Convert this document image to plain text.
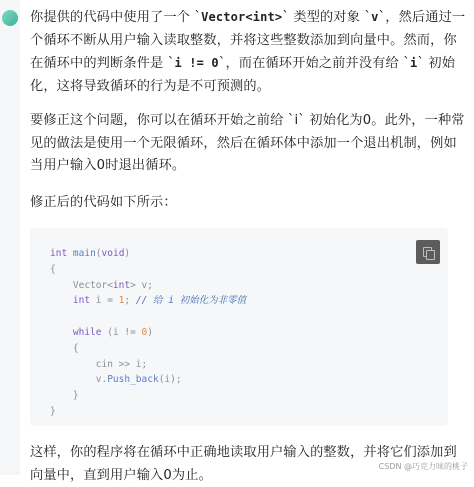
你提供的代码中使用了一个 `Vector<int>` 类型的对象 `v`，然后通过一个循环不断从用户输入读取整数，并将这些整数添加到向量中。然而，你在循环中的判断条件是 `i != 0`，而在循环开始之前并没有给 `i` 初始化，这将导致循环的行为是不可预测的。

要修正这个问题，你可以在循环开始之前给 `i` 初始化为0。此外，一种常见的做法是使用一个无限循环，然后在循环体中添加一个退出机制，例如当用户输入0时退出循环。

修正后的代码如下所示：

int main(void)
{
Vector<int> v;
int i = 1; // 给 i 初始化为非零值

while (i != 0)
{
cin >> i;
v.Push_back(i);
}
}

这样，你的程序将在循环中正确地读取用户输入的整数，并将它们添加到向量中，直到用户输入0为止。

CSDN @巧克力味的桃子
